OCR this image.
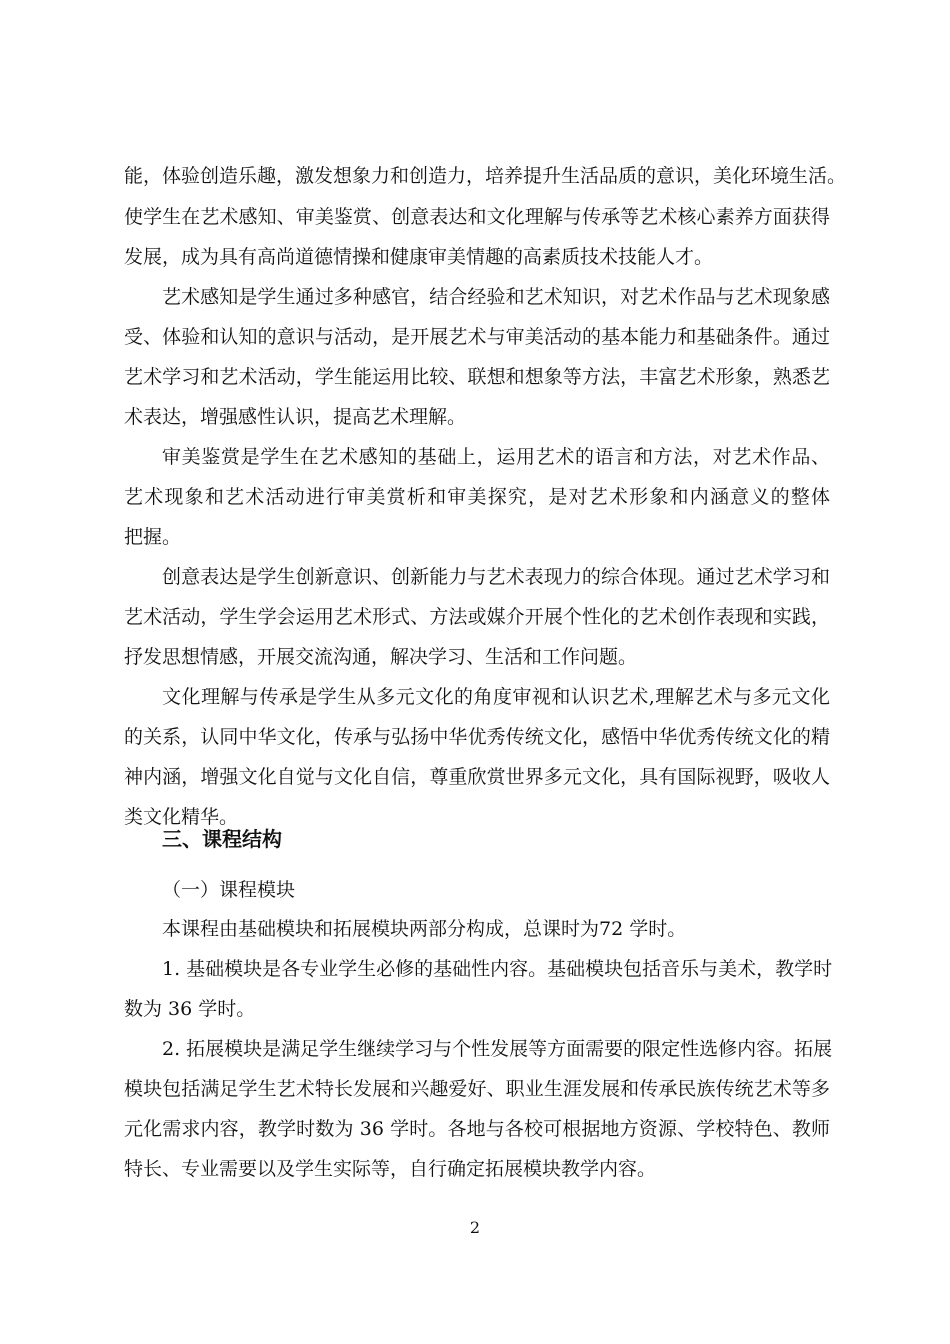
能，体验创造乐趣，激发想象力和创造力，培养提升生活品质的意识，美化环境生活。
使学生在艺术感知、审美鉴赏、创意表达和文化理解与传承等艺术核心素养方面获得
发展，成为具有高尚道德情操和健康审美情趣的高素质技术技能人才。
艺术感知是学生通过多种感官，结合经验和艺术知识，对艺术作品与艺术现象感
受、体验和认知的意识与活动，是开展艺术与审美活动的基本能力和基础条件。通过
艺术学习和艺术活动，学生能运用比较、联想和想象等方法，丰富艺术形象，熟悉艺
术表达，增强感性认识，提高艺术理解。
审美鉴赏是学生在艺术感知的基础上，运用艺术的语言和方法，对艺术作品、
艺术现象和艺术活动进行审美赏析和审美探究，是对艺术形象和内涵意义的整体
把握。
创意表达是学生创新意识、创新能力与艺术表现力的综合体现。通过艺术学习和
艺术活动，学生学会运用艺术形式、方法或媒介开展个性化的艺术创作表现和实践，
抒发思想情感，开展交流沟通，解决学习、生活和工作问题。
文化理解与传承是学生从多元文化的角度审视和认识艺术,理解艺术与多元文化
的关系，认同中华文化，传承与弘扬中华优秀传统文化，感悟中华优秀传统文化的精
神内涵，增强文化自觉与文化自信，尊重欣赏世界多元文化，具有国际视野，吸收人
类文化精华。
三、课程结构
（一）课程模块
本课程由基础模块和拓展模块两部分构成，总课时为72 学时。
1. 基础模块是各专业学生必修的基础性内容。基础模块包括音乐与美术，教学时
数为 36 学时。
2. 拓展模块是满足学生继续学习与个性发展等方面需要的限定性选修内容。拓展
模块包括满足学生艺术特长发展和兴趣爱好、职业生涯发展和传承民族传统艺术等多
元化需求内容，教学时数为 36 学时。各地与各校可根据地方资源、学校特色、教师
特长、专业需要以及学生实际等，自行确定拓展模块教学内容。
2
